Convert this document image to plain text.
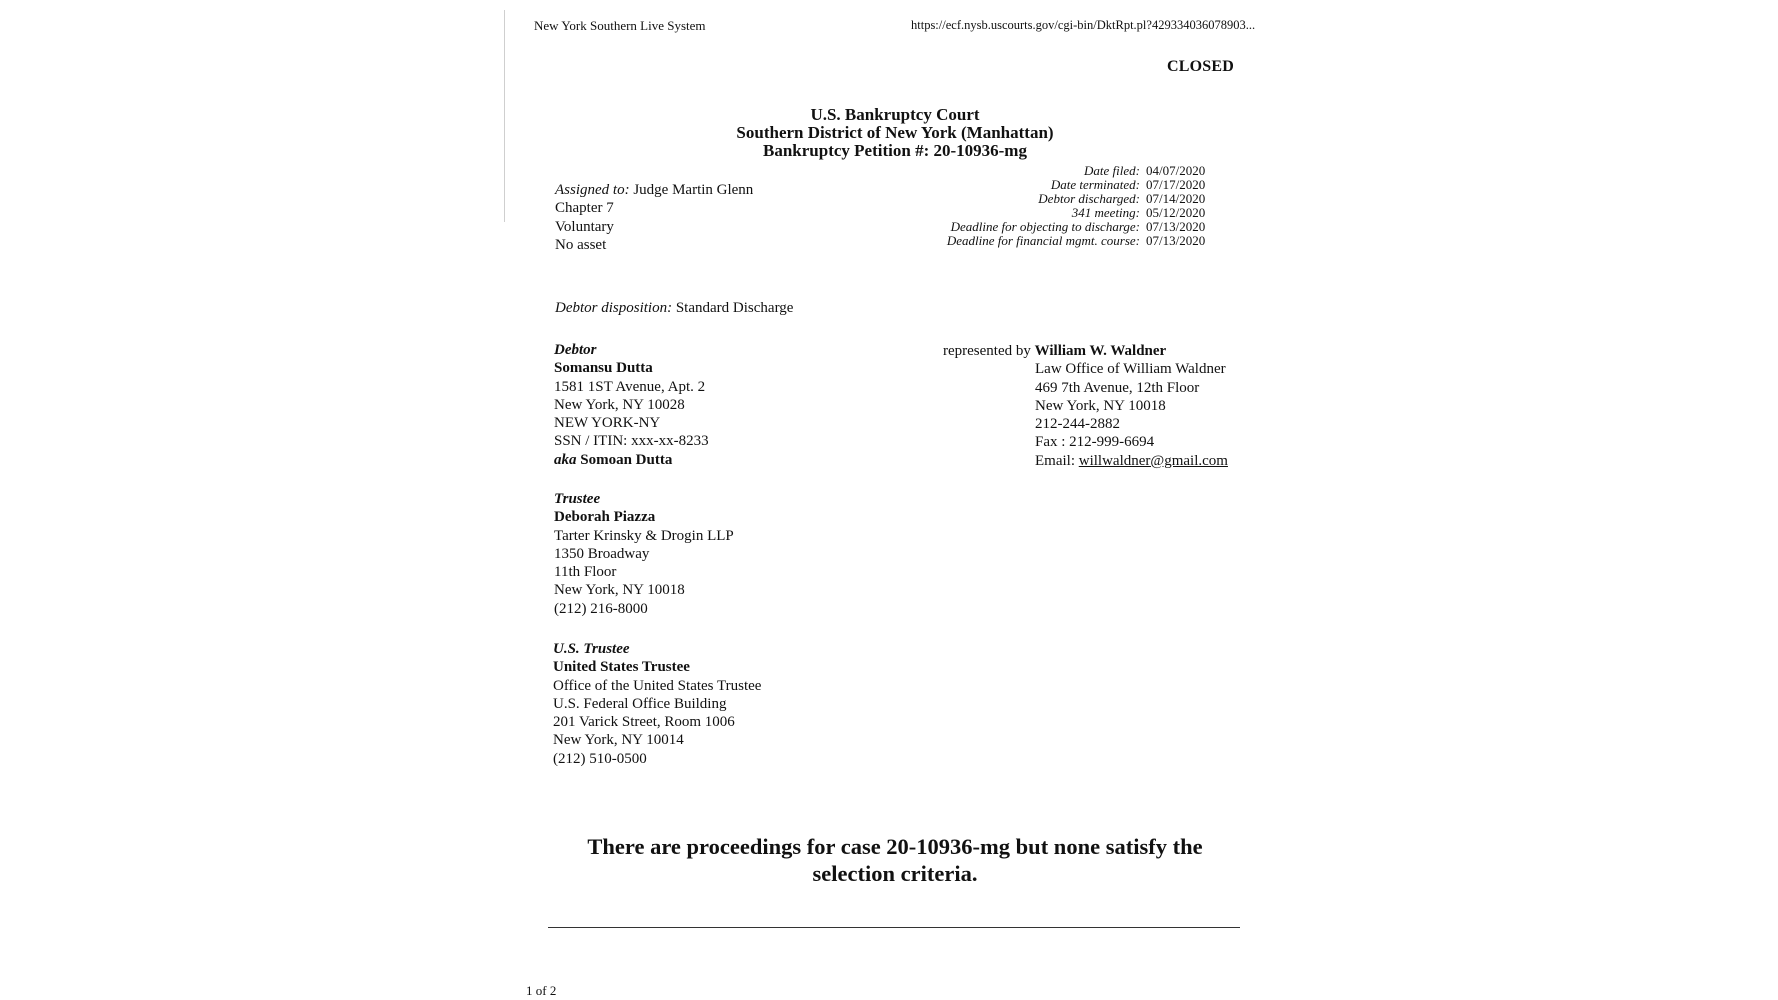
New York Southern Live System	https://ecf.nysb.uscourts.gov/cgi-bin/DktRpt.pl?429334036078903...
CLOSED
U.S. Bankruptcy Court
Southern District of New York (Manhattan)
Bankruptcy Petition #: 20-10936-mg
Assigned to: Judge Martin Glenn
Chapter 7
Voluntary
No asset
Date filed: 04/07/2020
Date terminated: 07/17/2020
Debtor discharged: 07/14/2020
341 meeting: 05/12/2020
Deadline for objecting to discharge: 07/13/2020
Deadline for financial mgmt. course: 07/13/2020
Debtor disposition: Standard Discharge
Debtor
Somansu Dutta
1581 1ST Avenue, Apt. 2
New York, NY 10028
NEW YORK-NY
SSN / ITIN: xxx-xx-8233
aka Somoan Dutta
represented by William W. Waldner
Law Office of William Waldner
469 7th Avenue, 12th Floor
New York, NY 10018
212-244-2882
Fax : 212-999-6694
Email: willwaldner@gmail.com
Trustee
Deborah Piazza
Tarter Krinsky & Drogin LLP
1350 Broadway
11th Floor
New York, NY 10018
(212) 216-8000
U.S. Trustee
United States Trustee
Office of the United States Trustee
U.S. Federal Office Building
201 Varick Street, Room 1006
New York, NY 10014
(212) 510-0500
There are proceedings for case 20-10936-mg but none satisfy the
selection criteria.
1 of 2
